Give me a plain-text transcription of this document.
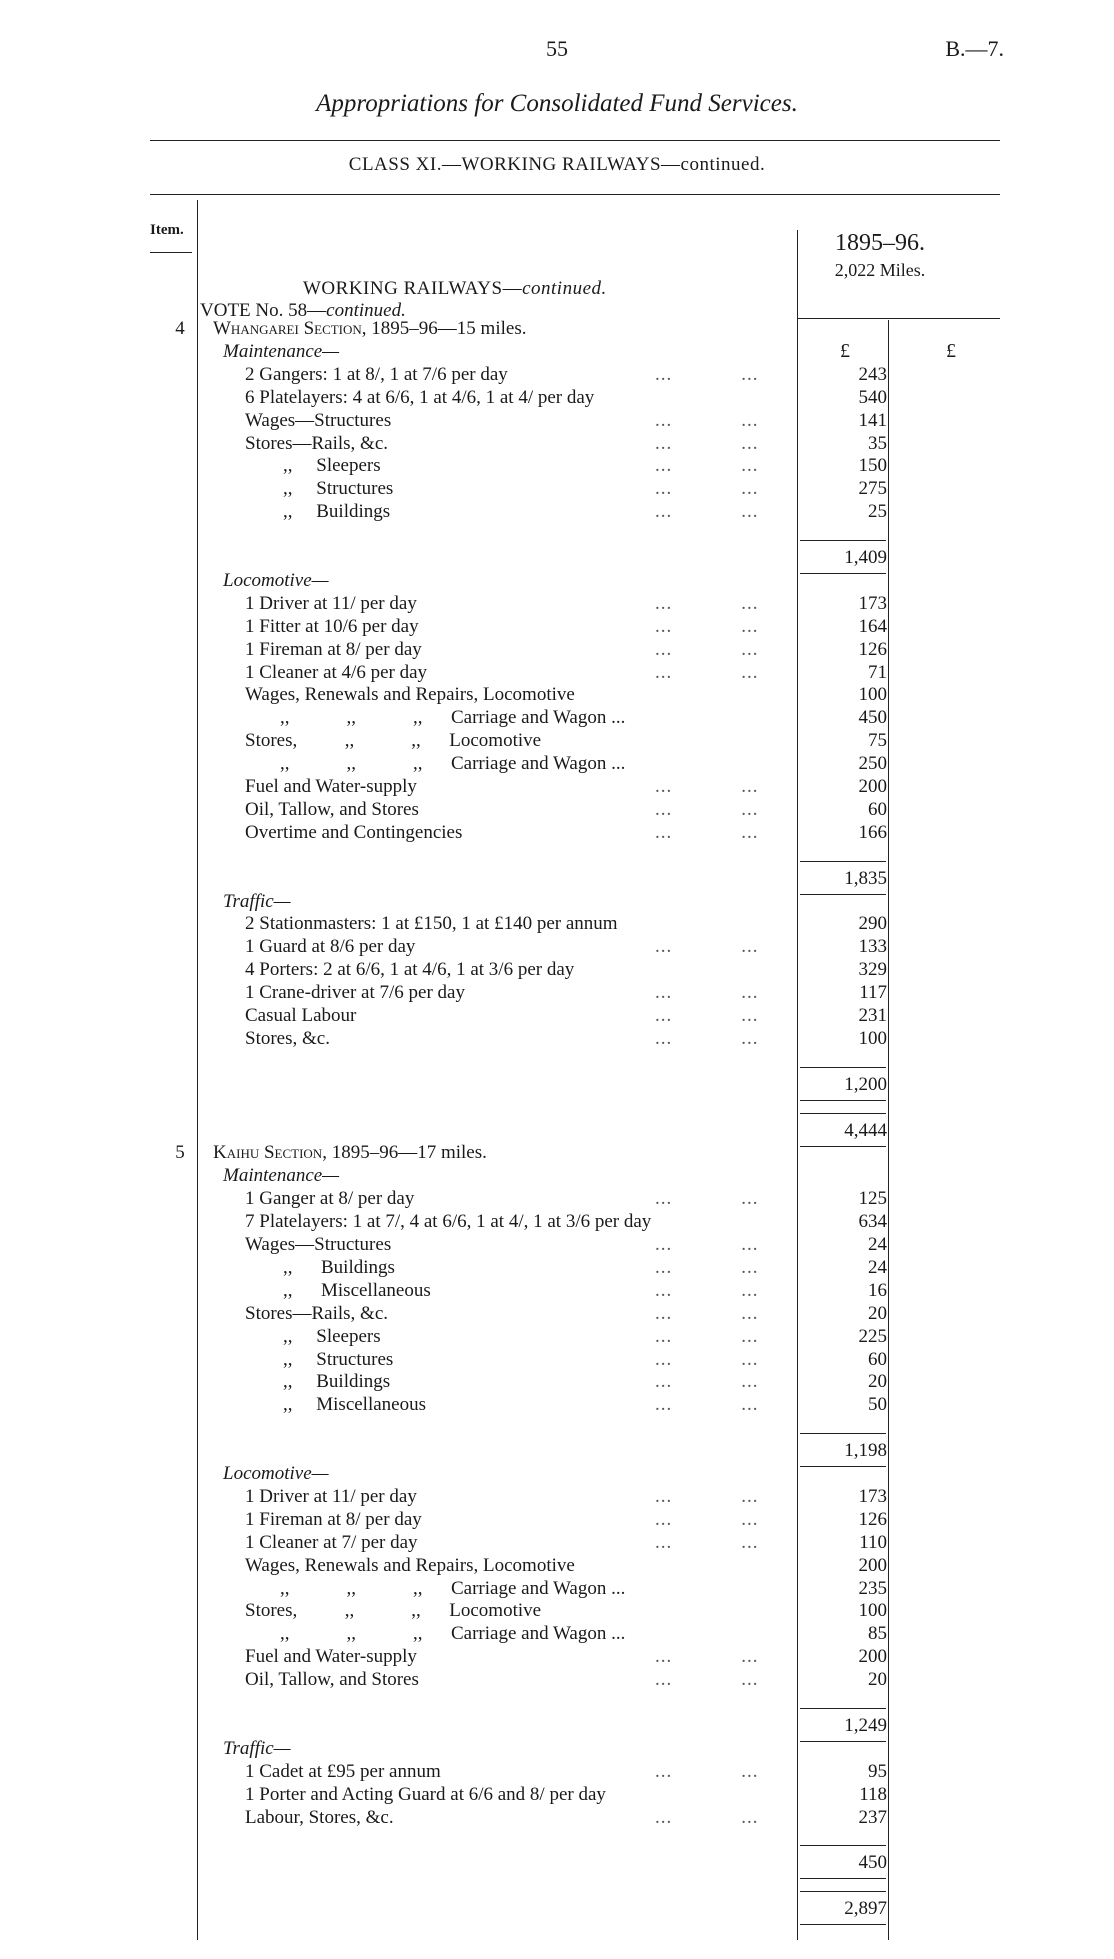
55	B.—7.
Appropriations for Consolidated Fund Services.
CLASS XI.—WORKING RAILWAYS—continued.
Item.	1895–96.
2,022 Miles.
WORKING RAILWAYS—continued.
VOTE No. 58—continued.
£	£
4	Whangarei Section, 1895–96—15 miles.
Maintenance—
2 Gangers: 1 at 8/, 1 at 7/6 per day	...            ...	243
6 Platelayers: 4 at 6/6, 1 at 4/6, 1 at 4/ per day	540
Wages—Structures	...            ...	141
Stores—Rails, &c.	...            ...	35
,,     Sleepers	...            ...	150
,,     Structures	...            ...	275
,,     Buildings	...            ...	25
1,409
Locomotive—
1 Driver at 11/ per day	...            ...	173
1 Fitter at 10/6 per day	...            ...	164
1 Fireman at 8/ per day	...            ...	126
1 Cleaner at 4/6 per day	...            ...	71
Wages, Renewals and Repairs, Locomotive	100
,,            ,,            ,,      Carriage and Wagon ...	450
Stores,          ,,            ,,      Locomotive	75
,,            ,,            ,,      Carriage and Wagon ...	250
Fuel and Water-supply	...            ...	200
Oil, Tallow, and Stores	...            ...	60
Overtime and Contingencies	...            ...	166
1,835
Traffic—
2 Stationmasters: 1 at £150, 1 at £140 per annum	290
1 Guard at 8/6 per day	...            ...	133
4 Porters: 2 at 6/6, 1 at 4/6, 1 at 3/6 per day	329
1 Crane-driver at 7/6 per day	...            ...	117
Casual Labour	...            ...	231
Stores, &c.	...            ...	100
1,200
4,444
5	Kaihu Section, 1895–96—17 miles.
Maintenance—
1 Ganger at 8/ per day	...            ...	125
7 Platelayers: 1 at 7/, 4 at 6/6, 1 at 4/, 1 at 3/6 per day	634
Wages—Structures	...            ...	24
,,      Buildings	...            ...	24
,,      Miscellaneous	...            ...	16
Stores—Rails, &c.	...            ...	20
,,     Sleepers	...            ...	225
,,     Structures	...            ...	60
,,     Buildings	...            ...	20
,,     Miscellaneous	...            ...	50
1,198
Locomotive—
1 Driver at 11/ per day	...            ...	173
1 Fireman at 8/ per day	...            ...	126
1 Cleaner at 7/ per day	...            ...	110
Wages, Renewals and Repairs, Locomotive	200
,,            ,,            ,,      Carriage and Wagon ...	235
Stores,          ,,            ,,      Locomotive	100
,,            ,,            ,,      Carriage and Wagon ...	85
Fuel and Water-supply	...            ...	200
Oil, Tallow, and Stores	...            ...	20
1,249
Traffic—
1 Cadet at £95 per annum	...            ...	95
1 Porter and Acting Guard at 6/6 and 8/ per day	118
Labour, Stores, &c.	...            ...	237
450
2,897
